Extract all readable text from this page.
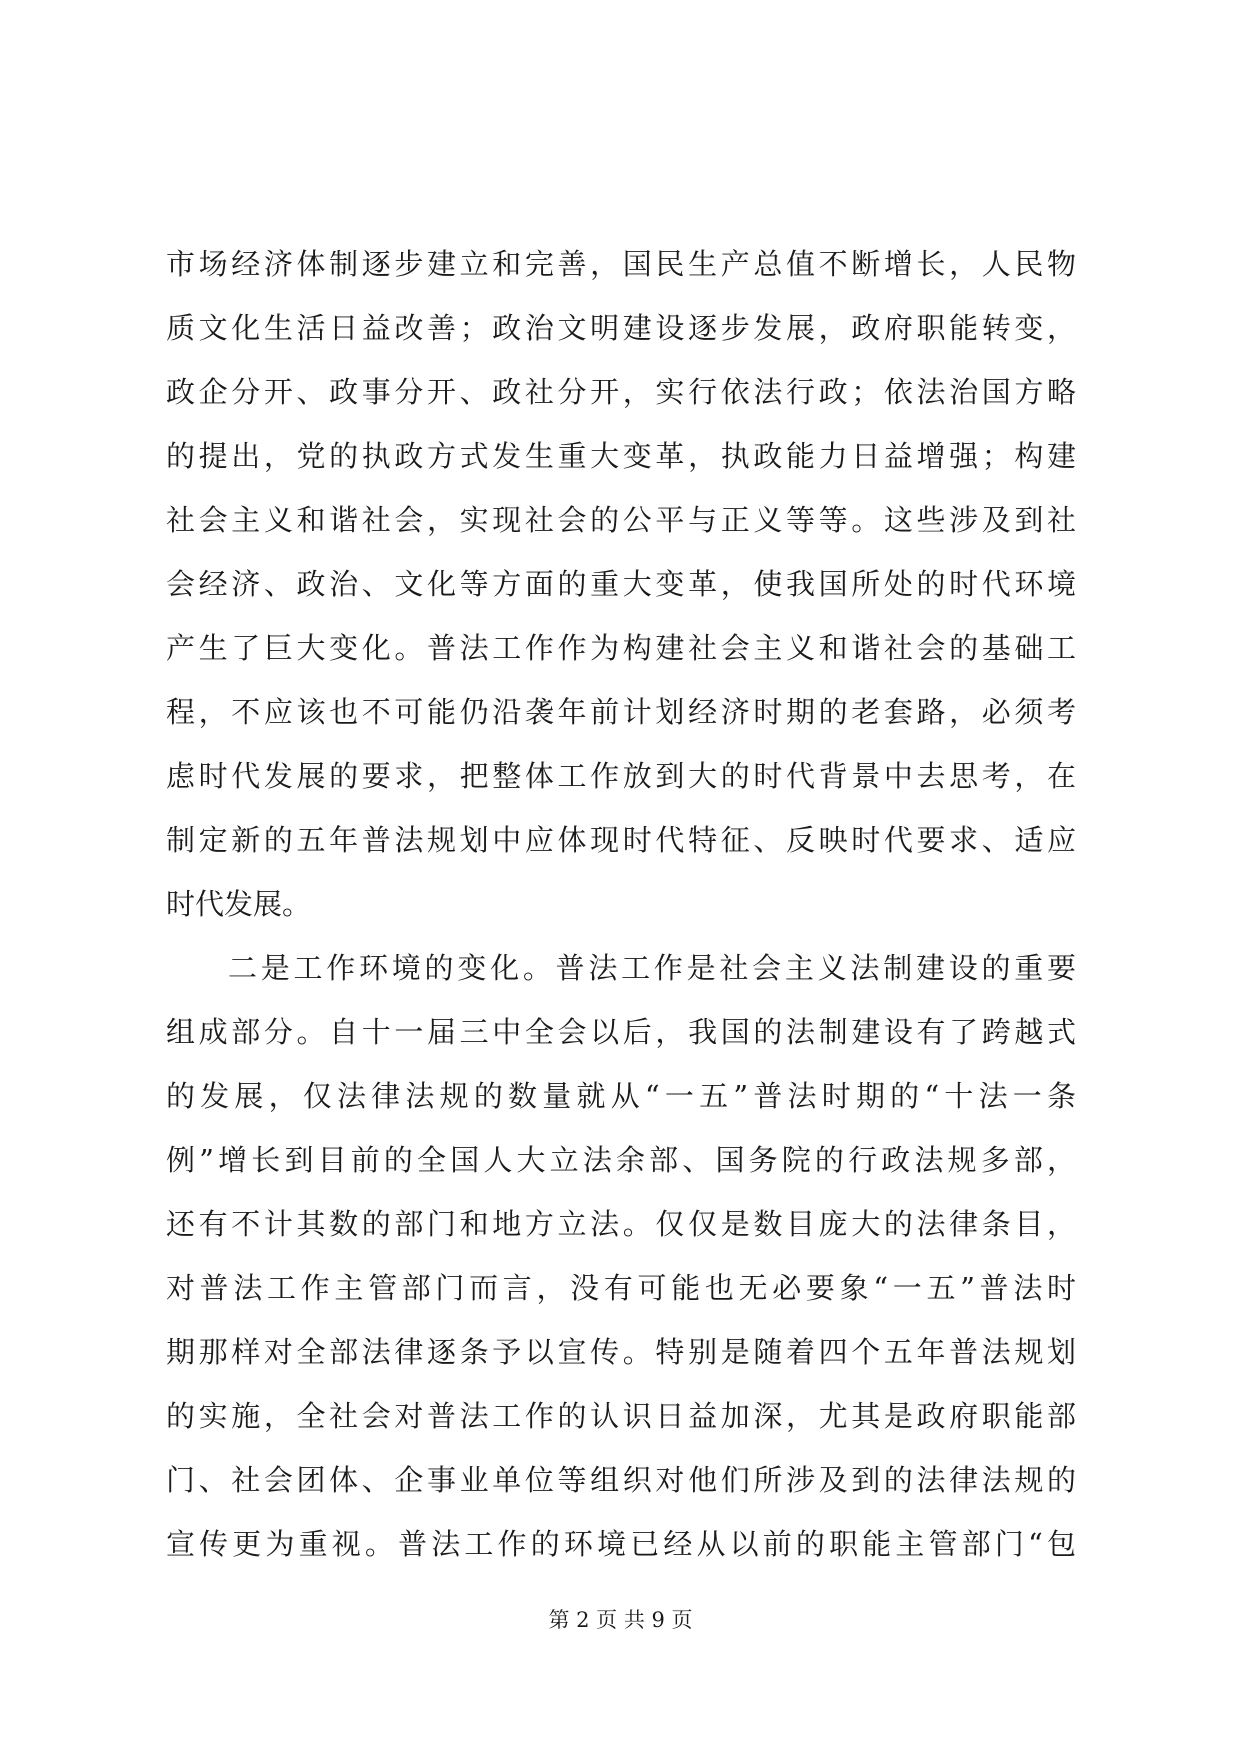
市场经济体制逐步建立和完善，国民生产总值不断增长，人民物
质文化生活日益改善；政治文明建设逐步发展，政府职能转变，
政企分开、政事分开、政社分开，实行依法行政；依法治国方略
的提出，党的执政方式发生重大变革，执政能力日益增强；构建
社会主义和谐社会，实现社会的公平与正义等等。这些涉及到社
会经济、政治、文化等方面的重大变革，使我国所处的时代环境
产生了巨大变化。普法工作作为构建社会主义和谐社会的基础工
程，不应该也不可能仍沿袭年前计划经济时期的老套路，必须考
虑时代发展的要求，把整体工作放到大的时代背景中去思考，在
制定新的五年普法规划中应体现时代特征、反映时代要求、适应
时代发展。
二是工作环境的变化。普法工作是社会主义法制建设的重要
组成部分。自十一届三中全会以后，我国的法制建设有了跨越式
的发展，仅法律法规的数量就从“一五”普法时期的“十法一条
例”增长到目前的全国人大立法余部、国务院的行政法规多部，
还有不计其数的部门和地方立法。仅仅是数目庞大的法律条目，
对普法工作主管部门而言，没有可能也无必要象“一五”普法时
期那样对全部法律逐条予以宣传。特别是随着四个五年普法规划
的实施，全社会对普法工作的认识日益加深，尤其是政府职能部
门、社会团体、企事业单位等组织对他们所涉及到的法律法规的
宣传更为重视。普法工作的环境已经从以前的职能主管部门“包
第 2 页 共 9 页
